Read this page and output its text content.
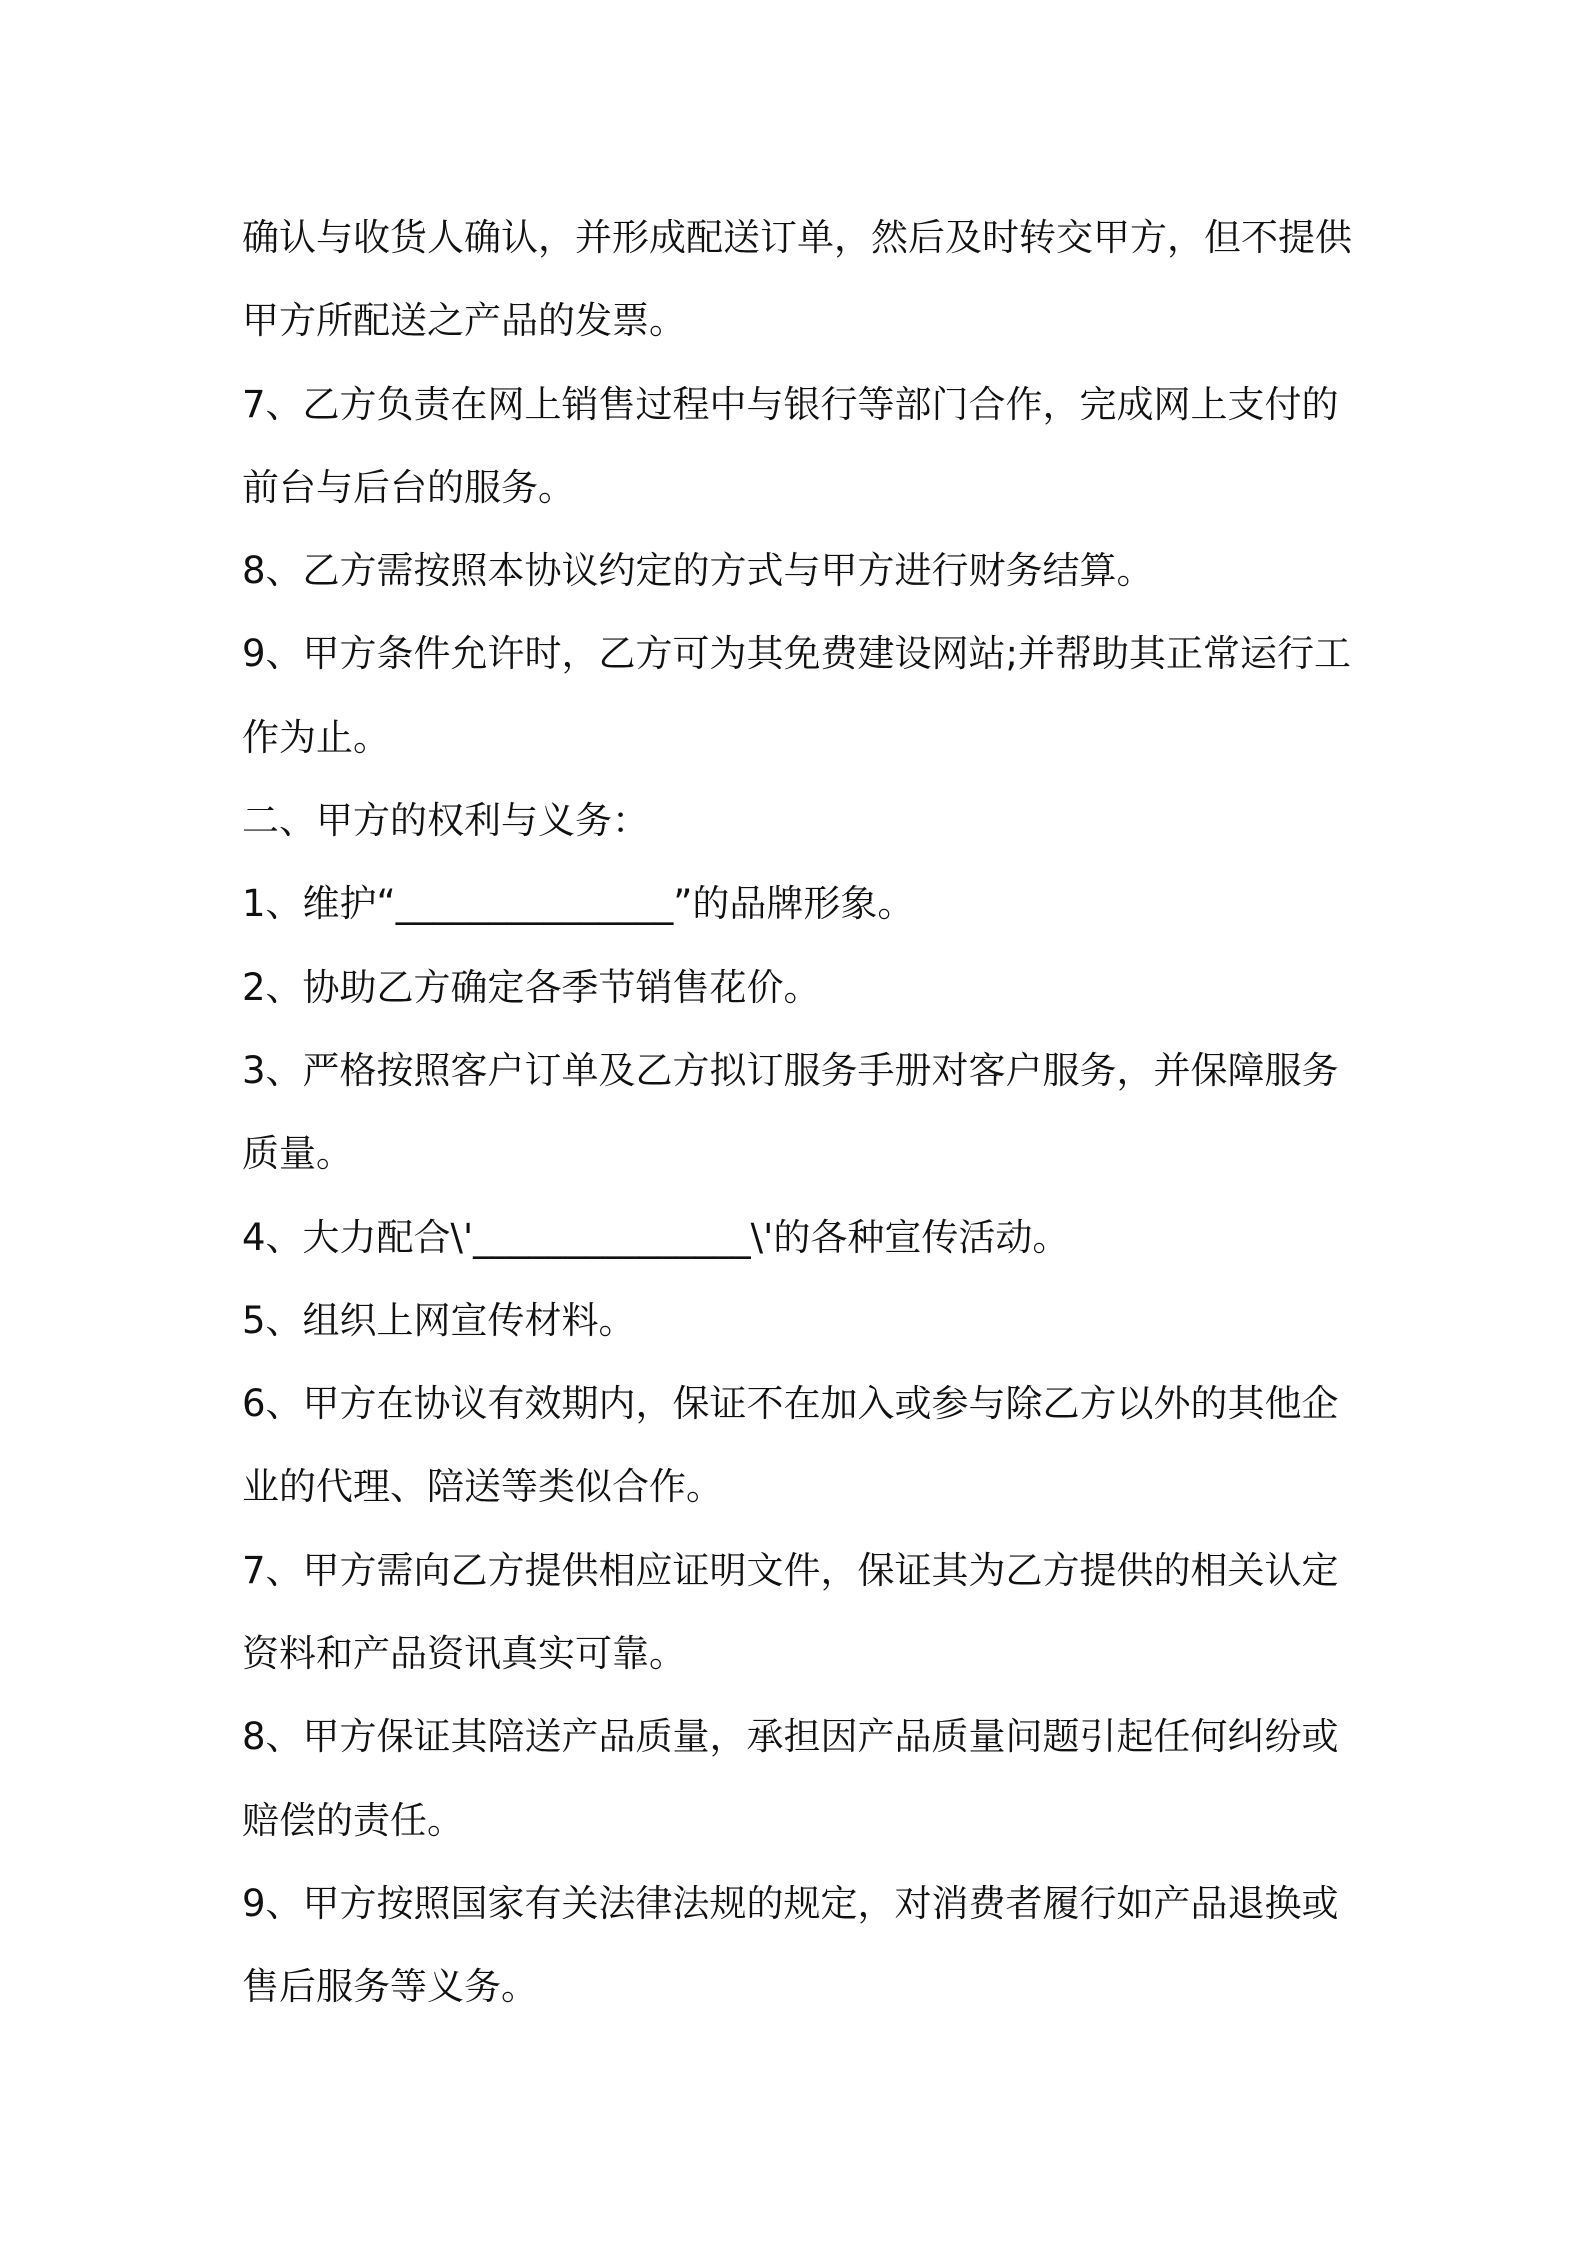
确认与收货人确认，并形成配送订单，然后及时转交甲方，但不提供
甲方所配送之产品的发票。
7、乙方负责在网上销售过程中与银行等部门合作，完成网上支付的
前台与后台的服务。
8、乙方需按照本协议约定的方式与甲方进行财务结算。
9、甲方条件允许时，乙方可为其免费建设网站;并帮助其正常运行工
作为止。
二、甲方的权利与义务：
1、维护“_______________”的品牌形象。
2、协助乙方确定各季节销售花价。
3、严格按照客户订单及乙方拟订服务手册对客户服务，并保障服务
质量。
4、大力配合\'_______________\'的各种宣传活动。
5、组织上网宣传材料。
6、甲方在协议有效期内，保证不在加入或参与除乙方以外的其他企
业的代理、陪送等类似合作。
7、甲方需向乙方提供相应证明文件，保证其为乙方提供的相关认定
资料和产品资讯真实可靠。
8、甲方保证其陪送产品质量，承担因产品质量问题引起任何纠纷或
赔偿的责任。
9、甲方按照国家有关法律法规的规定，对消费者履行如产品退换或
售后服务等义务。
